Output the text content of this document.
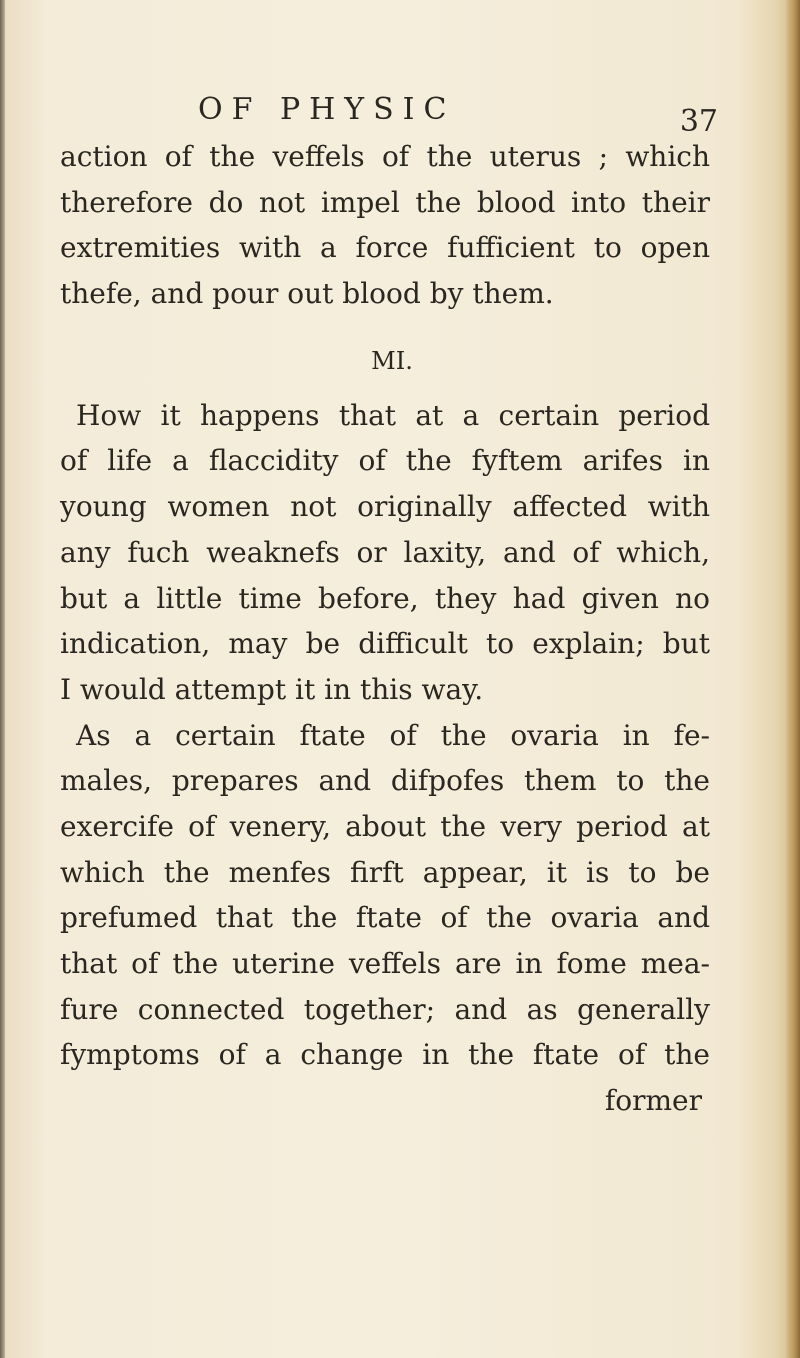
OF PHYSIC	37
action of the veffels of the uterus ; which
therefore do not impel the blood into their
extremities with a force fufficient to open
thefe, and pour out blood by them.
MI.
How it happens that at a certain period
of life a flaccidity of the fyftem arifes in
young women not originally affected with
any fuch weaknefs or laxity, and of which,
but a little time before, they had given no
indication, may be difficult to explain; but
I would attempt it in this way.
As a certain ftate of the ovaria in fe-
males, prepares and difpofes them to the
exercife of venery, about the very period at
which the menfes firft appear, it is to be
prefumed that the ftate of the ovaria and
that of the uterine veffels are in fome mea-
fure connected together; and as generally
fymptoms of a change in the ftate of the
former
